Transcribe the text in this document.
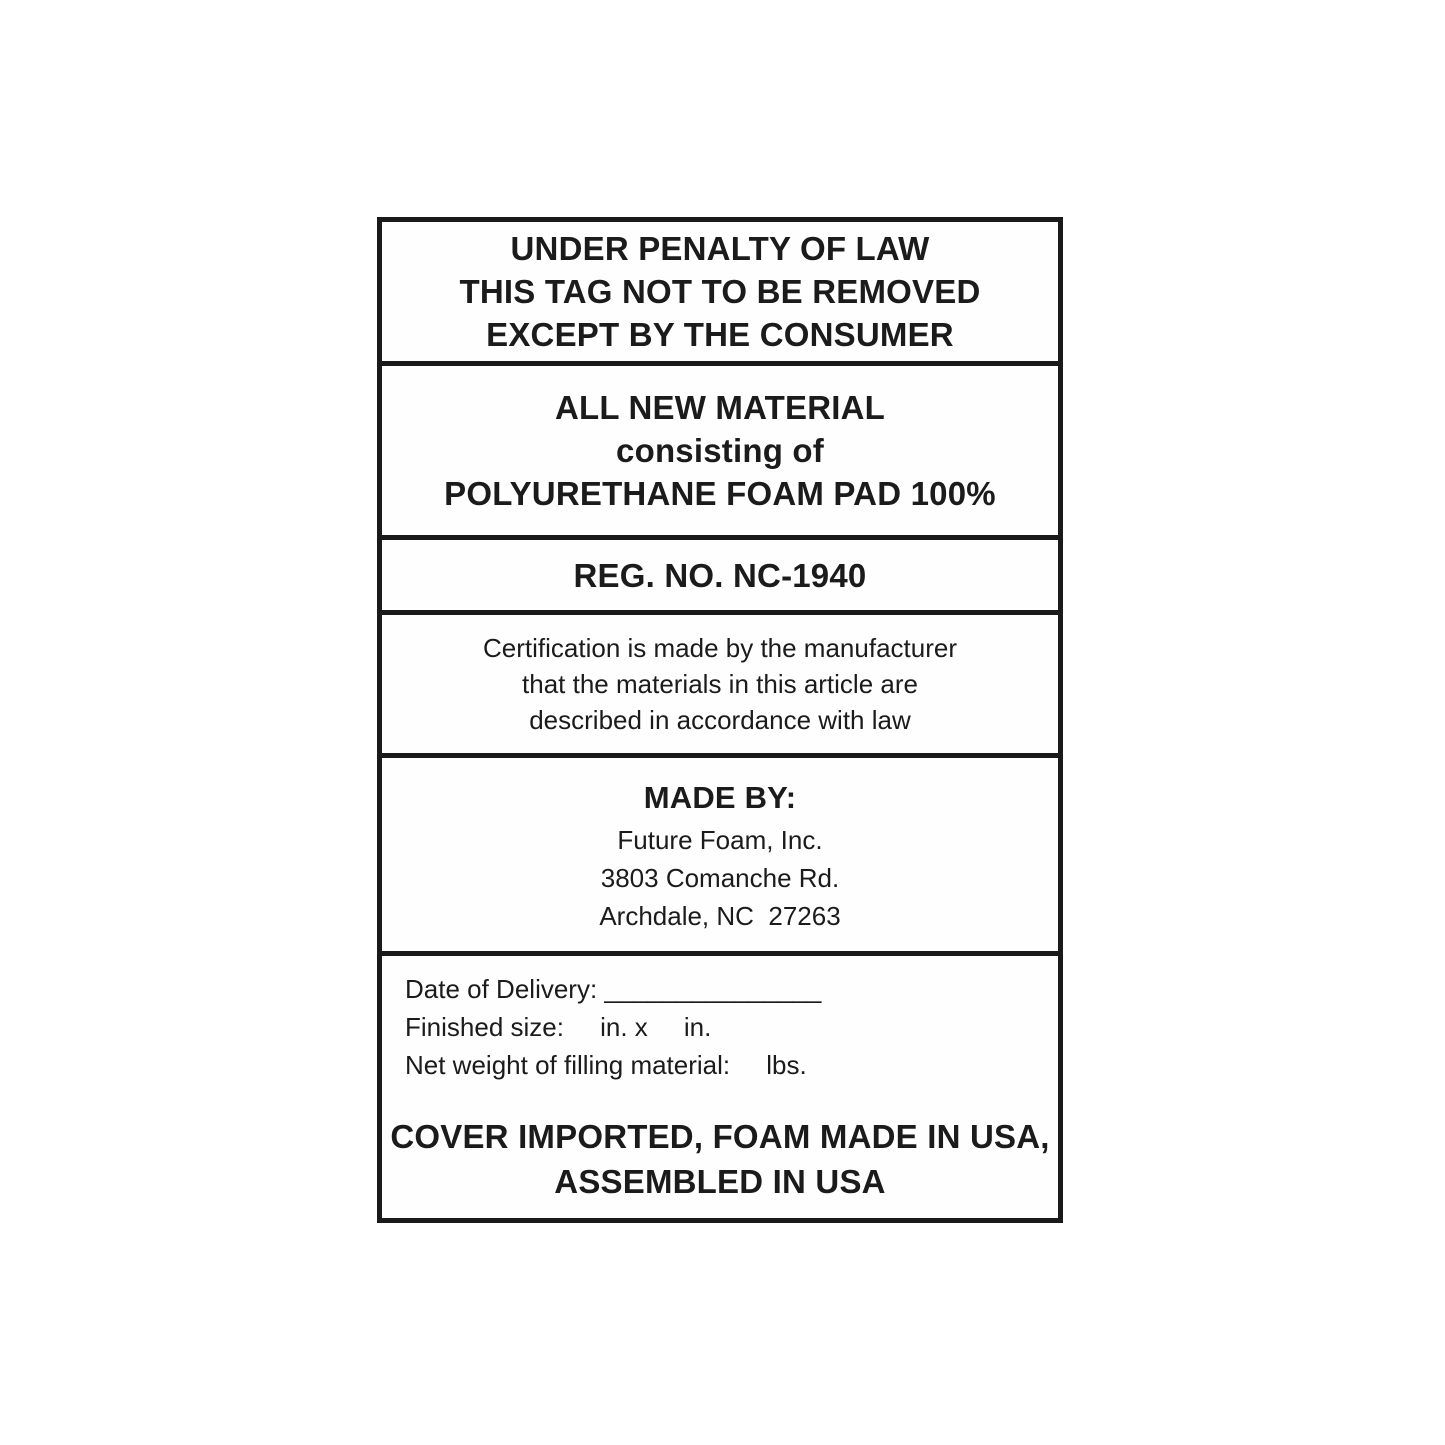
UNDER PENALTY OF LAW
THIS TAG NOT TO BE REMOVED
EXCEPT BY THE CONSUMER
ALL NEW MATERIAL
consisting of
POLYURETHANE FOAM PAD 100%
REG. NO. NC-1940
Certification is made by the manufacturer
that the materials in this article are
described in accordance with law
MADE BY:
Future Foam, Inc.
3803 Comanche Rd.
Archdale, NC  27263
Date of Delivery: _______________
Finished size:     in. x     in.
Net weight of filling material:     lbs.
COVER IMPORTED, FOAM MADE IN USA,
ASSEMBLED IN USA
